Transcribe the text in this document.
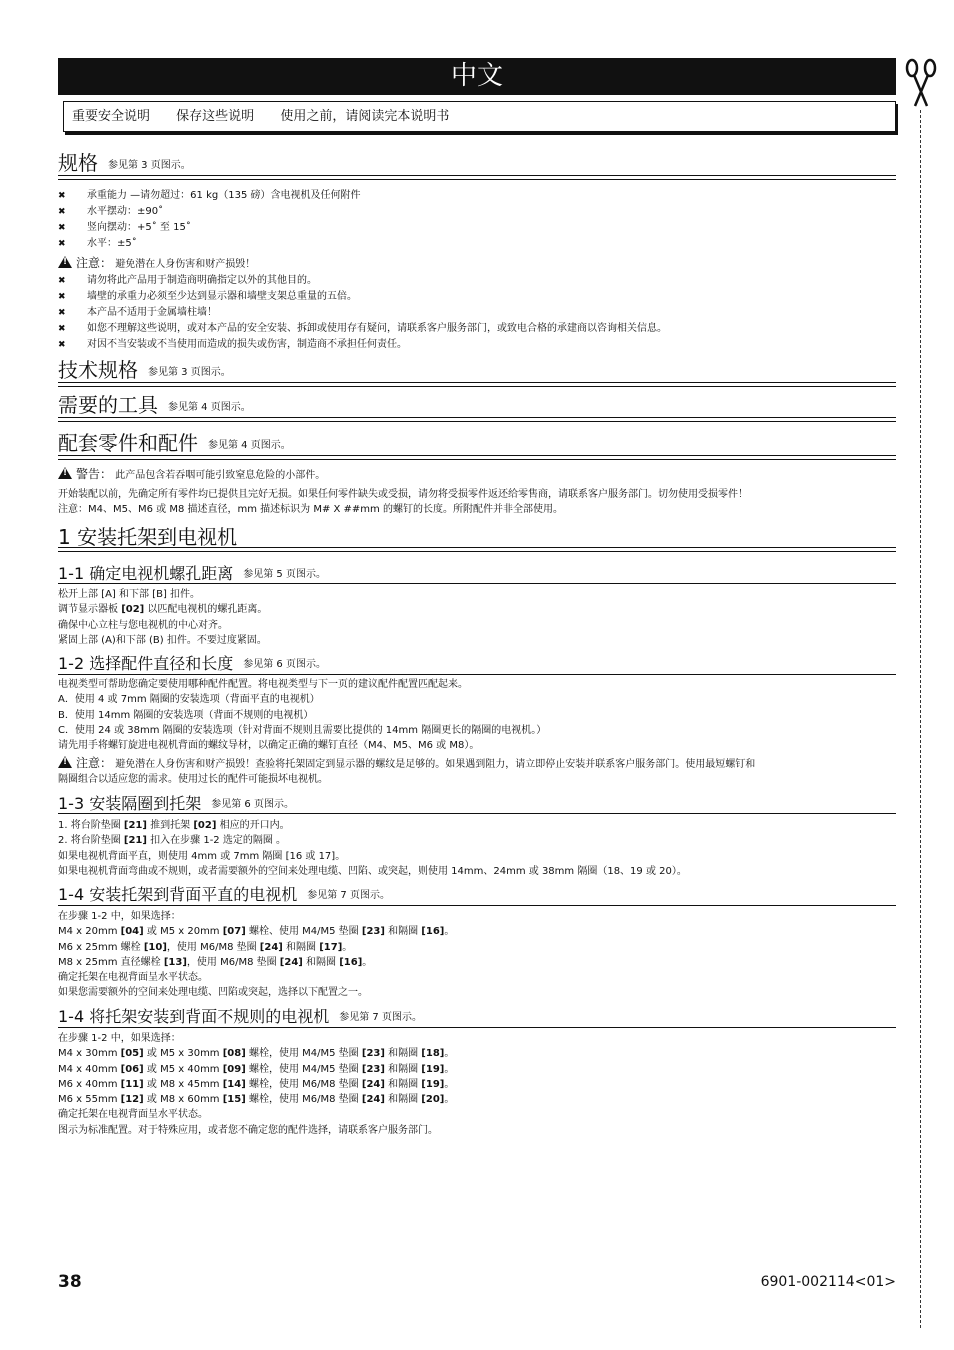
中文
重要安全说明 保存这些说明 使用之前，请阅读完本说明书
规格 参见第 3 页图示。
✖ 承重能力 —请勿超过：61 kg（135 磅）含电视机及任何附件
✖ 水平摆动：±90˚
✖ 竖向摆动：+5˚ 至 15˚
✖ 水平：±5˚
!注意： 避免潜在人身伤害和财产损毁！
✖ 请勿将此产品用于制造商明确指定以外的其他目的。
✖ 墙壁的承重力必须至少达到显示器和墙壁支架总重量的五倍。
✖ 本产品不适用于金属墙柱墙！
✖ 如您不理解这些说明，或对本产品的安全安装、拆卸或使用存有疑问，请联系客户服务部门，或致电合格的承建商以咨询相关信息。
✖ 对因不当安装或不当使用而造成的损失或伤害，制造商不承担任何责任。
技术规格 参见第 3 页图示。
需要的工具 参见第 4 页图示。
配套零件和配件 参见第 4 页图示。
!警告： 此产品包含若吞咽可能引致窒息危险的小部件。
开始装配以前，先确定所有零件均已提供且完好无损。如果任何零件缺失或受损，请勿将受损零件返还给零售商，请联系客户服务部门。切勿使用受损零件！
注意：M4、M5、M6 或 M8 描述直径，mm 描述标识为 M# X ##mm 的螺钉的长度。所附配件并非全部使用。
1 安装托架到电视机
1-1 确定电视机螺孔距离 参见第 5 页图示。
松开上部 [A] 和下部 [B] 扣件。
调节显示器板 [02] 以匹配电视机的螺孔距离。
确保中心立柱与您电视机的中心对齐。
紧固上部 (A)和下部 (B) 扣件。不要过度紧固。
1-2 选择配件直径和长度 参见第 6 页图示。
电视类型可帮助您确定要使用哪种配件配置。将电视类型与下一页的建议配件配置匹配起来。
A．使用 4 或 7mm 隔圈的安装选项（背面平直的电视机）
B．使用 14mm 隔圈的安装选项（背面不规则的电视机）
C．使用 24 或 38mm 隔圈的安装选项（针对背面不规则且需要比提供的 14mm 隔圈更长的隔圈的电视机。）
请先用手将螺钉旋进电视机背面的螺纹导材，以确定正确的螺钉直径（M4、M5、M6 或 M8）。
!注意： 避免潜在人身伤害和财产损毁！查验将托架固定到显示器的螺纹是足够的。如果遇到阻力，请立即停止安装并联系客户服务部门。使用最短螺钉和
隔圈组合以适应您的需求。使用过长的配件可能损坏电视机。
1-3 安装隔圈到托架 参见第 6 页图示。
1. 将台阶垫圈 [21] 推到托架 [02] 相应的开口内。
2. 将台阶垫圈 [21] 扣入在步骤 1-2 选定的隔圈 。
如果电视机背面平直，则使用 4mm 或 7mm 隔圈 [16 或 17]。
如果电视机背面弯曲或不规则，或者需要额外的空间来处理电缆、凹陷、或突起，则使用 14mm、24mm 或 38mm 隔圈（18、19 或 20）。
1-4 安装托架到背面平直的电视机 参见第 7 页图示。
在步骤 1-2 中，如果选择：
M4 x 20mm [04] 或 M5 x 20mm [07] 螺栓、使用 M4/M5 垫圈 [23] 和隔圈 [16]。
M6 x 25mm 螺栓 [10]，使用 M6/M8 垫圈 [24] 和隔圈 [17]。
M8 x 25mm 直径螺栓 [13]，使用 M6/M8 垫圈 [24] 和隔圈 [16]。
确定托架在电视背面呈水平状态。
如果您需要额外的空间来处理电缆、凹陷或突起，选择以下配置之一。
1-4 将托架安装到背面不规则的电视机 参见第 7 页图示。
在步骤 1-2 中，如果选择：
M4 x 30mm [05] 或 M5 x 30mm [08] 螺栓，使用 M4/M5 垫圈 [23] 和隔圈 [18]。
M4 x 40mm [06] 或 M5 x 40mm [09] 螺栓，使用 M4/M5 垫圈 [23] 和隔圈 [19]。
M6 x 40mm [11] 或 M8 x 45mm [14] 螺栓，使用 M6/M8 垫圈 [24] 和隔圈 [19]。
M6 x 55mm [12] 或 M8 x 60mm [15] 螺栓，使用 M6/M8 垫圈 [24] 和隔圈 [20]。
确定托架在电视背面呈水平状态。
图示为标准配置。对于特殊应用，或者您不确定您的配件选择，请联系客户服务部门。
38	6901-002114<01>
